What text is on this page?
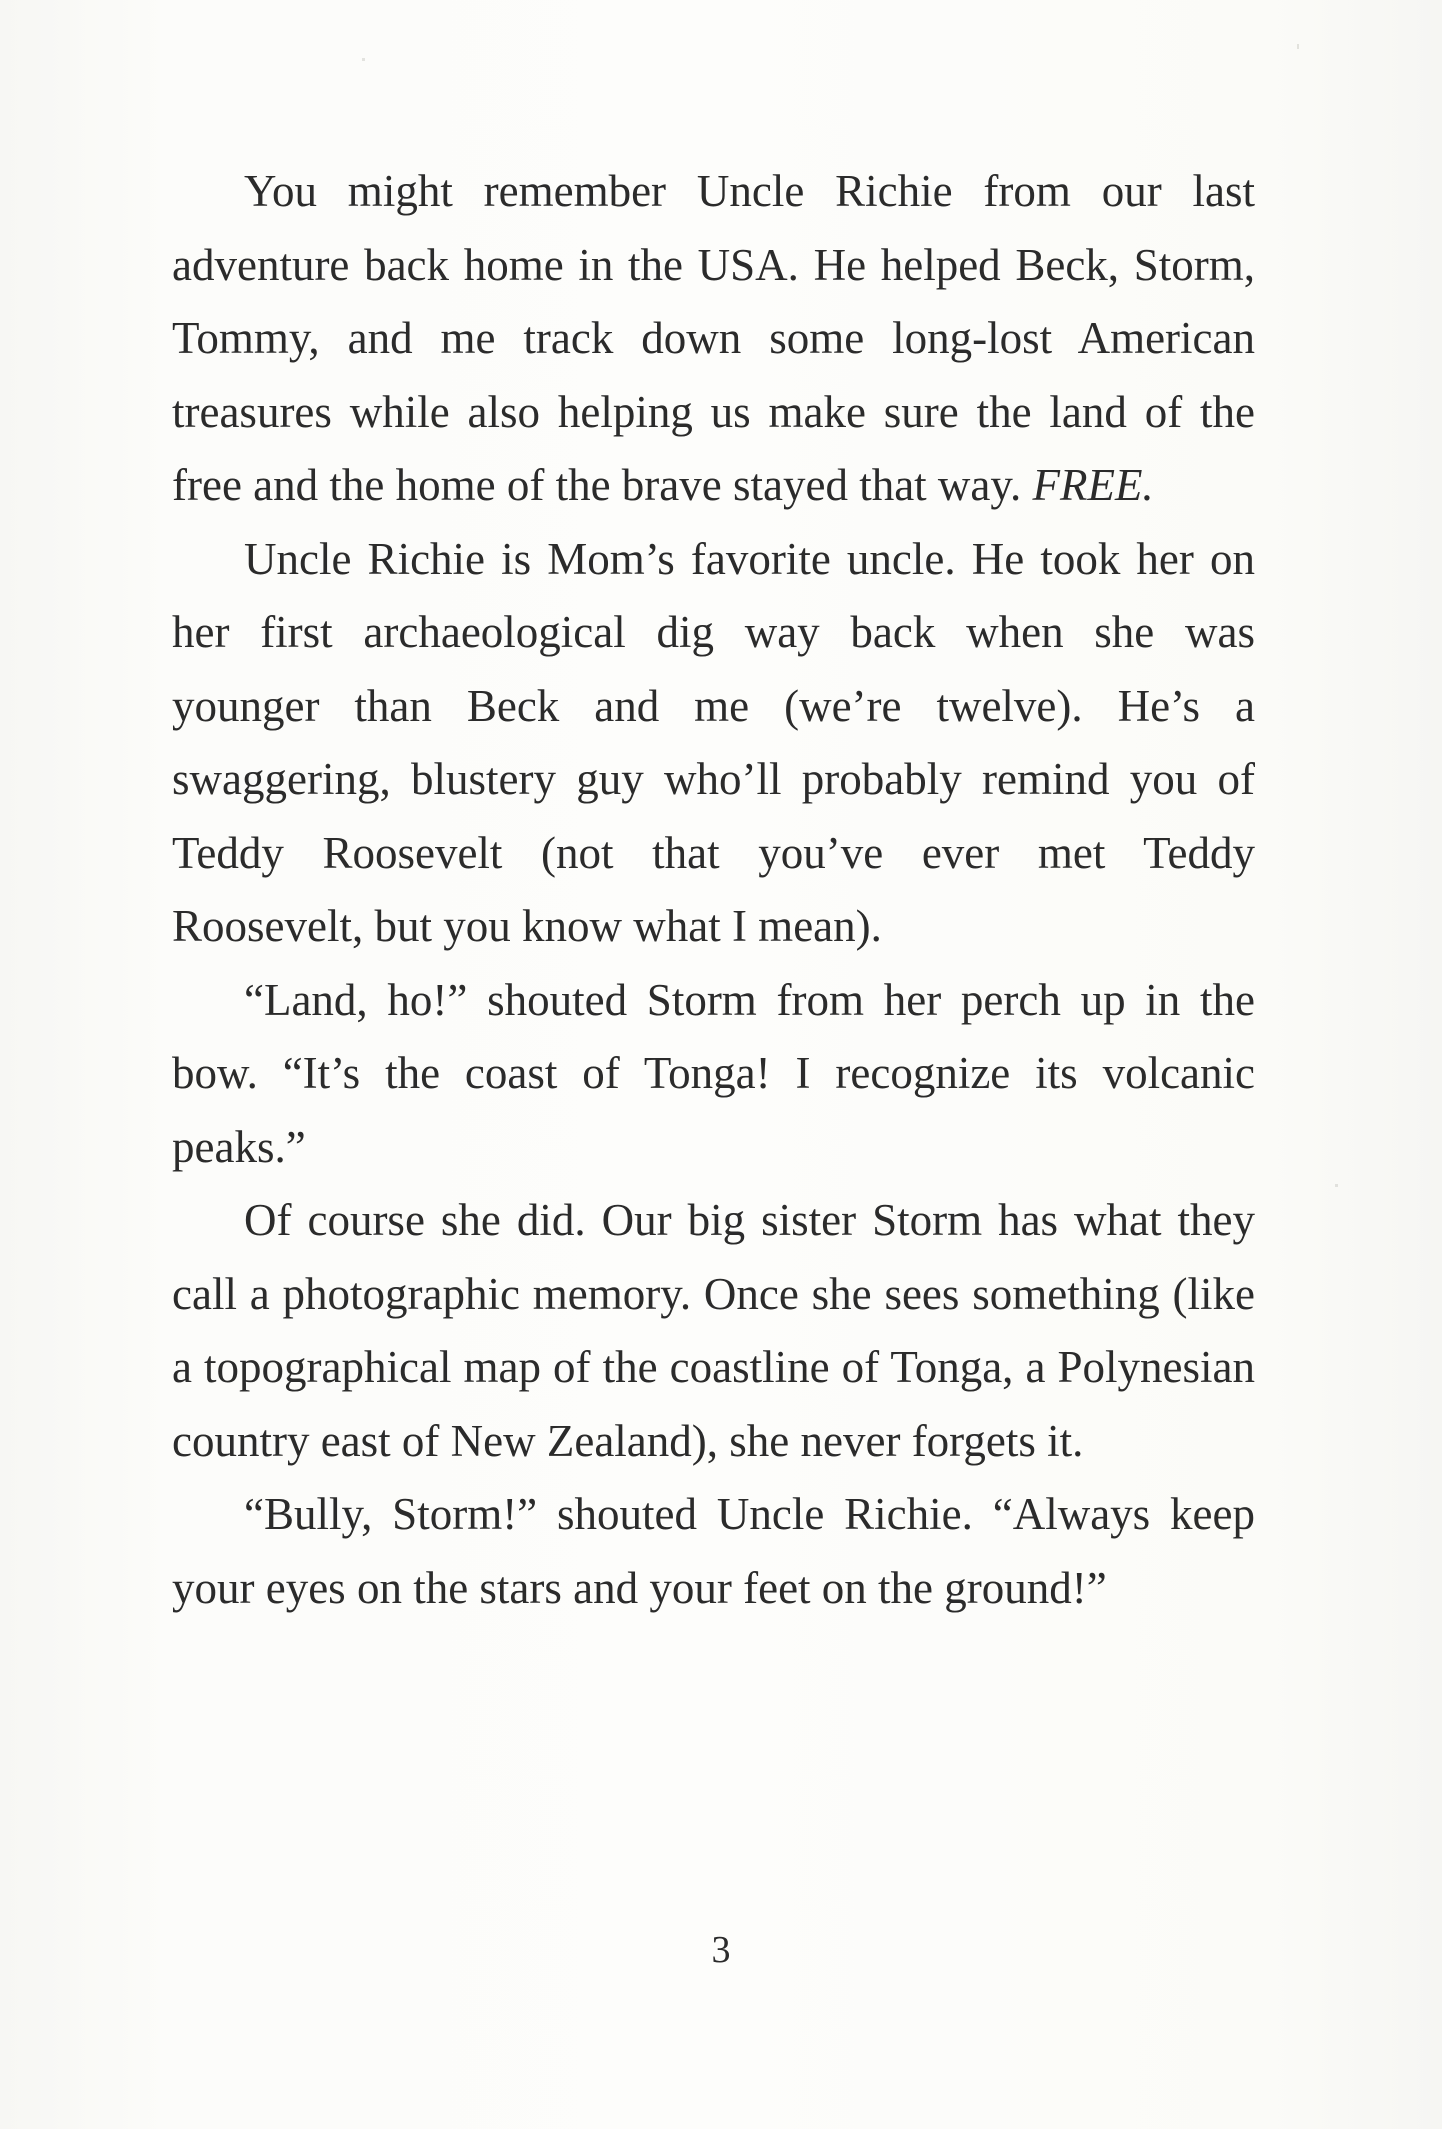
You might remember Uncle Richie from our last adventure back home in the USA. He helped Beck, Storm, Tommy, and me track down some long-lost American treasures while also helping us make sure the land of the free and the home of the brave stayed that way. FREE.

Uncle Richie is Mom’s favorite uncle. He took her on her first archaeological dig way back when she was younger than Beck and me (we’re twelve). He’s a swaggering, blustery guy who’ll probably remind you of Teddy Roosevelt (not that you’ve ever met Teddy Roosevelt, but you know what I mean).

“Land, ho!” shouted Storm from her perch up in the bow. “It’s the coast of Tonga! I recognize its volcanic peaks.”

Of course she did. Our big sister Storm has what they call a photographic memory. Once she sees something (like a topographical map of the coastline of Tonga, a Polynesian country east of New Zealand), she never forgets it.

“Bully, Storm!” shouted Uncle Richie. “Always keep your eyes on the stars and your feet on the ground!”

3
